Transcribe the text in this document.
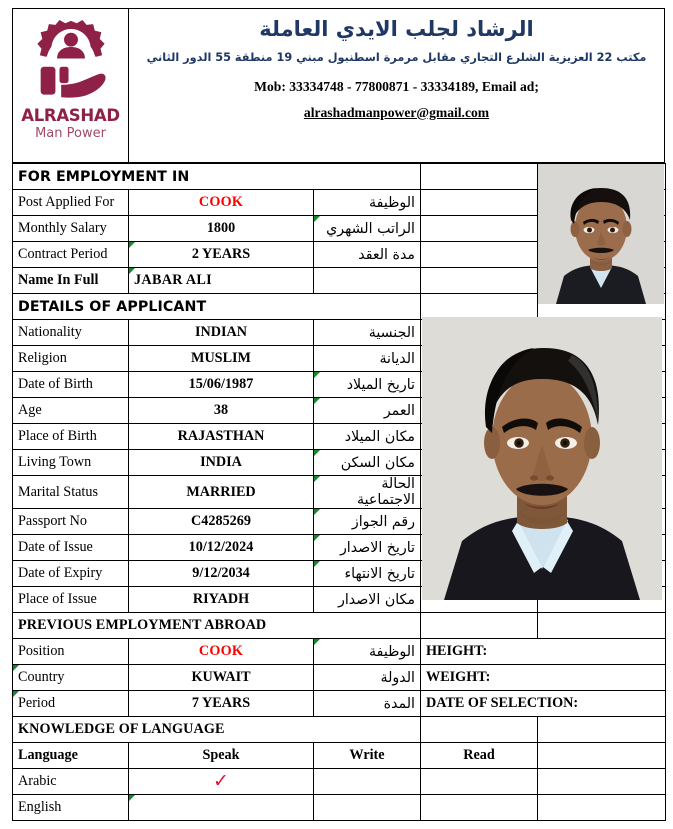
ALRASHAD
Man Power
الرشاد لجلب الايدي العاملة
مكتب 22 العزيزية الشلرع التجاري مقابل مرمرة اسطنبول مبني 19 منطقة 55 الدور الثاني
Mob: 33334748 - 77800871 - 33334189, Email ad;
alrashadmanpower@gmail.com
FOR EMPLOYMENT IN				
Post Applied For	COOK	الوظيفة		
Monthly Salary	1800	الراتب الشهري		
Contract Period	2 YEARS	مدة العقد		
Name In Full	JABAR ALI			
DETAILS OF APPLICANT				
Nationality	INDIAN	الجنسية		
Religion	MUSLIM	الديانة		
Date of Birth	15/06/1987	تاريخ الميلاد		
Age	38	العمر		
Place of Birth	RAJASTHAN	مكان الميلاد		
Living Town	INDIA	مكان السكن		
Marital Status	MARRIED	الحالة الاجتماعية		
Passport No	C4285269	رقم الجواز		
Date of Issue	10/12/2024	تاريخ الاصدار		
Date of Expiry	9/12/2034	تاريخ الانتهاء		
Place of Issue	RIYADH	مكان الاصدار		
PREVIOUS EMPLOYMENT ABROAD				
Position	COOK	الوظيفة	HEIGHT:	
Country	KUWAIT	الدولة	WEIGHT:	
Period	7 YEARS	المدة	DATE OF SELECTION:	
KNOWLEDGE OF LANGUAGE				
Language	Speak	Write	Read	
Arabic	✓			
English				
